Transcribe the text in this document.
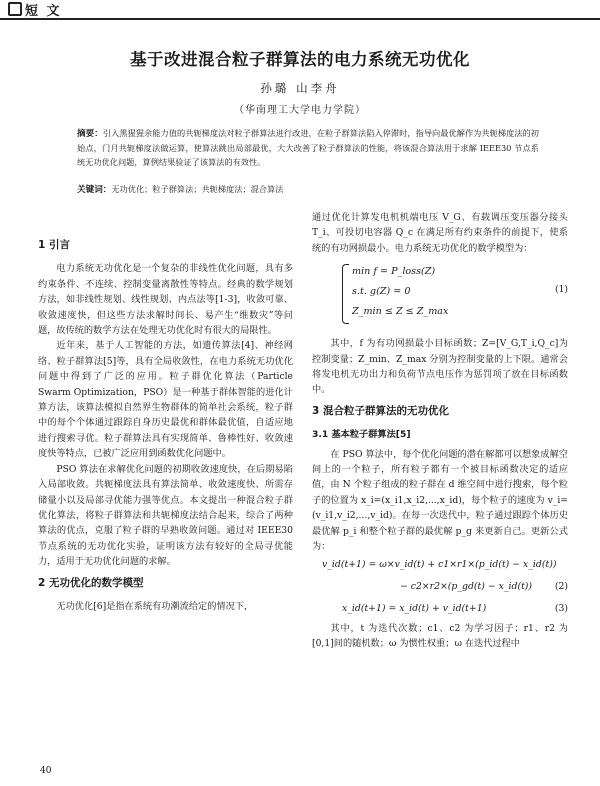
短 文
基于改进混合粒子群算法的电力系统无功优化
孙璐 山李舟
（华南理工大学电力学院）
摘要：引入黑猩猩余能力值的共轭梯度法对粒子群算法进行改进，在粒子群算法陷入停滞时，指导向最优解作为共轭梯度法的初始点，门月共轭梯度法做运算，使算法跳出局部最优，大大改善了粒子群算法的性能，将该混合算法用于求解 IEEE30 节点系统无功优化问题，算例结果验证了该算法的有效性。
关键词：无功优化；粒子群算法；共轭梯度法；混合算法
1 引言

电力系统无功优化是一个复杂的非线性优化问题，具有多约束条件、不连续、控制变量离散性等特点。经典的数学规划方法，如非线性规划、线性规划、内点法等[1-3]，收敛可靠、收敛速度快，但这些方法求解时间长、易产生“维数灾”等问题，故传统的数学方法在处理无功优化时有很大的局限性。

近年来，基于人工智能的方法，如遗传算法[4]、神经网络、粒子群算法[5]等，具有全局收敛性，在电力系统无功优化问题中得到了广泛的应用。粒子群优化算法（Particle Swarm Optimization，PSO）是一种基于群体智能的进化计算方法，该算法模拟自然界生物群体的简单社会系统，粒子群中的每个个体通过跟踪自身历史最优和群体最优值，自适应地进行搜索寻优。粒子群算法具有实现简单、鲁棒性好、收敛速度快等特点，已被广泛应用到函数优化问题中。

PSO 算法在求解优化问题的初期收敛速度快，在后期易陷入局部收敛。共轭梯度法具有算法简单、收敛速度快、所需存储量小以及局部寻优能力强等优点。本文提出一种混合粒子群优化算法，将粒子群算法和共轭梯度法结合起来，综合了两种算法的优点，克服了粒子群的早熟收敛问题。通过对 IEEE30 节点系统的无功优化实验，证明该方法有较好的全局寻优能力，适用于无功优化问题的求解。

2 无功优化的数学模型

无功优化[6]是指在系统有功潮流给定的情况下，

通过优化计算发电机机端电压 V_G、有载调压变压器分接头 T_i、可投切电容器 Q_c 在满足所有约束条件的前提下，使系统的有功网损最小。电力系统无功优化的数学模型为：

min f = P_loss(Z)
s.t. g(Z) = 0
Z_min ≤ Z ≤ Z_max
(1)

其中，f 为有功网损最小目标函数；Z=[V_G,T_i,Q_c]为控制变量；Z_min、Z_max 分别为控制变量的上下限。通常会将发电机无功出力和负荷节点电压作为惩罚项了放在目标函数中。

3 混合粒子群算法的无功优化
3.1 基本粒子群算法[5]

在 PSO 算法中，每个优化问题的潜在解都可以想象成解空间上的一个粒子，所有粒子都有一个被目标函数决定的适应值，由 N 个粒子组成的粒子群在 d 维空间中进行搜索，每个粒子的位置为 x_i=(x_i1,x_i2,...,x_id)，每个粒子的速度为 v_i=(v_i1,v_i2,...,v_id)。在每一次迭代中，粒子通过跟踪个体历史最优解 p_i 和整个粒子群的最优解 p_g 来更新自己。更新公式为：

v_id(t+1) = ω×v_id(t) + c1×r1×(p_id(t) − x_id(t))
− c2×r2×(p_gd(t) − x_id(t)) (2)
x_id(t+1) = x_id(t) + v_id(t+1)	(3)

其中，t 为迭代次数；c1、c2 为学习因子；r1、r2 为[0,1]间的随机数；ω 为惯性权重；ω 在迭代过程中

40
